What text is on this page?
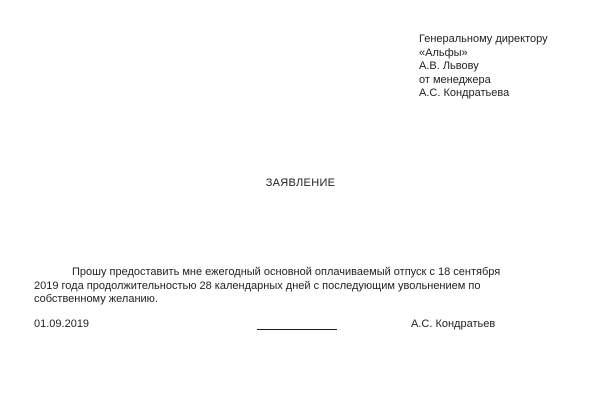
Генеральному директору
«Альфы»
А.В. Львову
от менеджера
А.С. Кондратьева
ЗАЯВЛЕНИЕ
Прошу предоставить мне ежегодный основной оплачиваемый отпуск с 18 сентября
2019 года продолжительностью 28 календарных дней с последующим увольнением по
собственному желанию.
01.09.2019	А.С. Кондратьев
